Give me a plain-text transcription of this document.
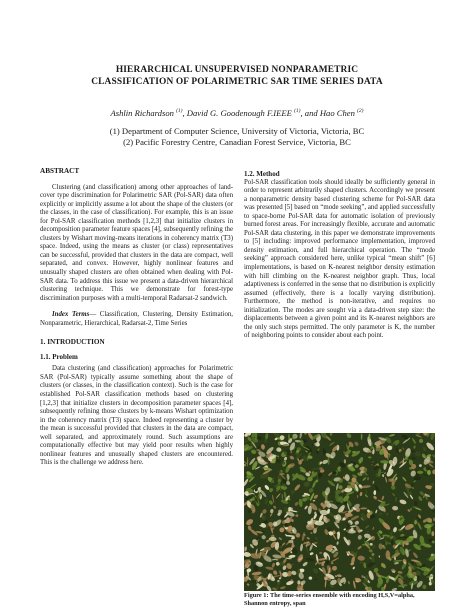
HIERARCHICAL UNSUPERVISED NONPARAMETRIC
CLASSIFICATION OF POLARIMETRIC SAR TIME SERIES DATA

Ashlin Richardson $^{(1)}$, David G. Goodenough F.IEEE $^{(1)}$, and Hao Chen $^{(2)}$

(1) Department of Computer Science, University of Victoria, Victoria, BC
(2) Pacific Forestry Centre, Canadian Forest Service, Victoria, BC

ABSTRACT

Clustering (and classification) among other approaches of land-cover type discrimination for Polarimetric SAR (Pol-SAR) data often explicitly or implicitly assume a lot about the shape of the clusters (or the classes, in the case of classification). For example, this is an issue for Pol-SAR classification methods [1,2,3] that initialize clusters in decomposition parameter feature spaces [4], subsequently refining the clusters by Wishart moving-means iterations in coherency matrix (T3) space. Indeed, using the means as cluster (or class) representatives can be successful, provided that clusters in the data are compact, well separated, and convex. However, highly nonlinear features and unusually shaped clusters are often obtained when dealing with Pol-SAR data. To address this issue we present a data-driven hierarchical clustering technique. This we demonstrate for forest-type discrimination purposes with a multi-temporal Radarsat-2 sandwich.

Index Terms— Classification, Clustering, Density Estimation, Nonparametric, Hierarchical, Radarsat-2, Time Series

1. INTRODUCTION

1.1. Problem

Data clustering (and classification) approaches for Polarimetric SAR (Pol-SAR) typically assume something about the shape of clusters (or classes, in the classification context). Such is the case for established Pol-SAR classification methods based on clustering [1,2,3] that initialize clusters in decomposition parameter spaces [4], subsequently refining those clusters by k-means Wishart optimization in the coherency matrix (T3) space. Indeed representing a cluster by the mean is successful provided that clusters in the data are compact, well separated, and approximately round. Such assumptions are computationally effective but may yield poor results when highly nonlinear features and unusually shaped clusters are encountered. This is the challenge we address here.

1.2. Method

Pol-SAR classification tools should ideally be sufficiently general in order to represent arbitrarily shaped clusters. Accordingly we present a nonparametric density based clustering scheme for Pol-SAR data was presented [5] based on “mode seeking”, and applied successfully to space-borne Pol-SAR data for automatic isolation of previously burned forest areas. For increasingly flexible, accurate and automatic Pol-SAR data clustering, in this paper we demonstrate improvements to [5] including: improved performance implementation, improved density estimation, and full hierarchical operation. The “mode seeking” approach considered here, unlike typical “mean shift” [6] implementations, is based on K-nearest neighbor density estimation with hill climbing on the K-nearest neighbor graph. Thus, local adaptiveness is conferred in the sense that no distribution is explicitly assumed (effectively, there is a locally varying distribution). Furthermore, the method is non-iterative, and requires no initialization. The modes are sought via a data-driven step size: the displacements between a given point and its K-nearest neighbors are the only such steps permitted. The only parameter is K, the number of neighboring points to consider about each point.

Figure 1: The time-series ensemble with encoding H,S,V=alpha, Shannon entropy, span
